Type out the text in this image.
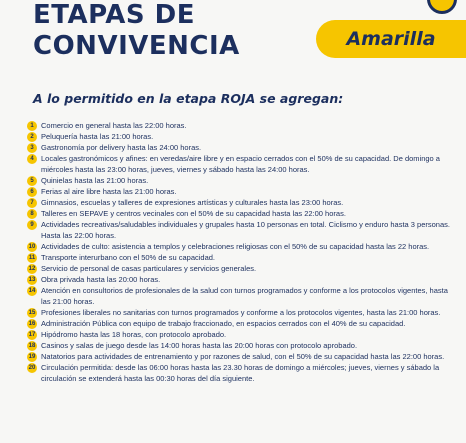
ETAPAS DE
CONVIVENCIA	Amarilla
A lo permitido en la etapa ROJA se agregan:
1 Comercio en general hasta las 22:00 horas.
2 Peluquería hasta las 21:00 horas.
3 Gastronomía por delivery hasta las 24:00 horas.
4 Locales gastronómicos y afines: en veredas/aire libre y en espacio cerrados con el 50% de su capacidad. De domingo a miércoles hasta las 23:00 horas, jueves, viernes y sábado hasta las 24:00 horas.
5 Quinielas hasta las 21:00 horas.
6 Ferias al aire libre hasta las 21:00 horas.
7 Gimnasios, escuelas y talleres de expresiones artísticas y culturales hasta las 23:00 horas.
8 Talleres en SEPAVE y centros vecinales con el 50% de su capacidad hasta las 22:00 horas.
9 Actividades recreativas/saludables individuales y grupales hasta 10 personas en total. Ciclismo y enduro hasta 3 personas. Hasta las 22:00 horas.
10 Actividades de culto: asistencia a templos y celebraciones religiosas con el 50% de su capacidad hasta las 22 horas.
11 Transporte interurbano con el 50% de su capacidad.
12 Servicio de personal de casas particulares y servicios generales.
13 Obra privada hasta las 20:00 horas.
14 Atención en consultorios de profesionales de la salud con turnos programados y conforme a los protocolos vigentes, hasta las 21:00 horas.
15 Profesiones liberales no sanitarias con turnos programados y conforme a los protocolos vigentes, hasta las 21:00 horas.
16 Administración Pública con equipo de trabajo fraccionado, en espacios cerrados con el 40% de su capacidad.
17 Hipódromo hasta las 18 horas, con protocolo aprobado.
18 Casinos y salas de juego desde las 14:00 horas hasta las 20:00 horas con protocolo aprobado.
19 Natatorios para actividades de entrenamiento y por razones de salud, con el 50% de su capacidad hasta las 22:00 horas.
20 Circulación permitida: desde las 06:00 horas hasta las 23.30 horas de domingo a miércoles; jueves, viernes y sábado la circulación se extenderá hasta las 00:30 horas del día siguiente.
